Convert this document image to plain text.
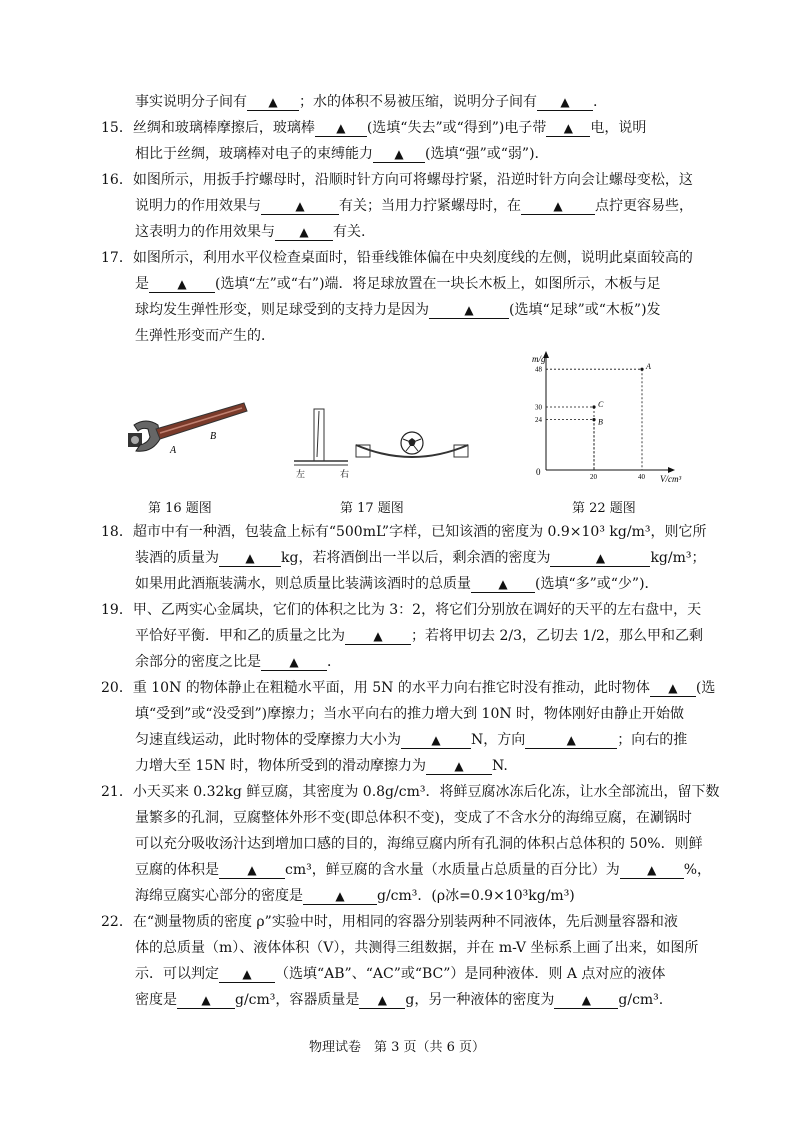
事实说明分子间有 ▲ ；水的体积不易被压缩，说明分子间有 ▲ .
15．丝绸和玻璃棒摩擦后，玻璃棒 ▲ (选填“失去”或“得到”)电子带 ▲ 电，说明
相比于丝绸，玻璃棒对电子的束缚能力 ▲ (选填“强”或“弱”).
16．如图所示，用扳手拧螺母时，沿顺时针方向可将螺母拧紧，沿逆时针方向会让螺母变松，这
说明力的作用效果与	▲ 有关；当用力拧紧螺母时，在	▲ 点拧更容易些，
这表明力的作用效果与 ▲ 有关.
17．如图所示，利用水平仪检查桌面时，铅垂线锥体偏在中央刻度线的左侧，说明此桌面较高的
是 ▲ (选填“左”或“右”)端．将足球放置在一块长木板上，如图所示，木板与足
球均发生弹性形变，则足球受到的支持力是因为	▲	(选填“足球”或“木板”)发
生弹性形变而产生的．
A
B
第 16 题图
左	右
第 17 题图
m/g
V/cm³
0
48
30
24
20	40
A
C
B
第 22 题图
18．超市中有一种酒，包装盒上标有“500mL”字样，已知该酒的密度为 0.9×10³ kg/m³，则它所
装酒的质量为 ▲ kg，若将酒倒出一半以后，剩余酒的密度为	▲	kg/m³；
如果用此酒瓶装满水，则总质量比装满该酒时的总质量 ▲ (选填“多”或“少”)．
19．甲、乙两实心金属块，它们的体积之比为 3：2，将它们分别放在调好的天平的左右盘中，天
平恰好平衡．甲和乙的质量之比为 ▲ ；若将甲切去 2/3，乙切去 1/2，那么甲和乙剩
余部分的密度之比是 ▲ ．
20．重 10N 的物体静止在粗糙水平面，用 5N 的水平力向右推它时没有推动，此时物体 ▲ (选
填“受到”或“没受到”)摩擦力；当水平向右的推力增大到 10N 时，物体刚好由静止开始做
匀速直线运动，此时物体的受摩擦力大小为	▲ N，方向	▲	；向右的推
力增大至 15N 时，物体所受到的滑动摩擦力为 ▲ N.
21．小天买来 0.32kg 鲜豆腐，其密度为 0.8g/cm³．将鲜豆腐冰冻后化冻，让水全部流出，留下数
量繁多的孔洞，豆腐整体外形不变(即总体积不变)，变成了不含水分的海绵豆腐，在涮锅时
可以充分吸收汤汁达到增加口感的目的，海绵豆腐内所有孔洞的体积占总体积的 50%．则鲜
豆腐的体积是 ▲ cm³，鲜豆腐的含水量（水质量占总质量的百分比）为 ▲ %，
海绵豆腐实心部分的密度是	▲ g/cm³．(ρ冰=0.9×10³kg/m³)
22．在“测量物质的密度 ρ”实验中时，用相同的容器分别装两种不同液体，先后测量容器和液
体的总质量（m）、液体体积（V），共测得三组数据，并在 m-V 坐标系上画了出来，如图所
示．可以判定 ▲ （选填“AB”、“AC”或“BC”）是同种液体．则 A 点对应的液体
密度是 ▲ g/cm³，容器质量是 ▲ g，另一种液体的密度为 ▲ g/cm³.
物理试卷　第 3 页（共 6 页）
